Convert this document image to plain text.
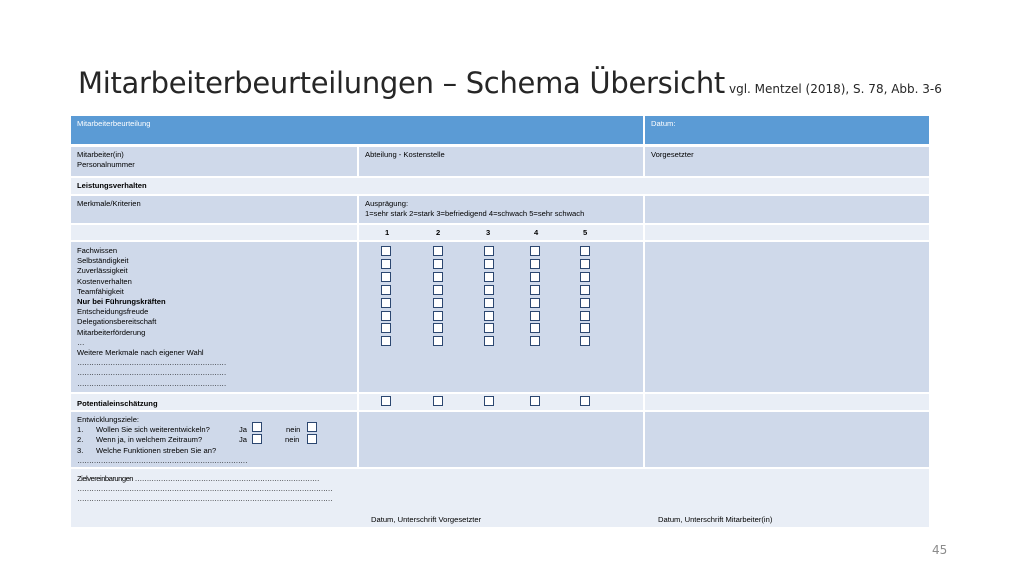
Mitarbeiterbeurteilungen – Schema Übersicht vgl. Mentzel (2018), S. 78, Abb. 3-6
Mitarbeiterbeurteilung	Datum:
Mitarbeiter(in)
Personalnummer
Abteilung - Kostenstelle	Vorgesetzter
Leistungsverhalten
Merkmale/Kriterien	Ausprägung:
1=sehr stark 2=stark 3=befriedigend 4=schwach 5=sehr schwach
1	2	3	4	5
Fachwissen
Selbständigkeit
Zuverlässigkeit
Kostenverhalten
Teamfähigkeit
Nur bei Führungskräften
Entscheidungsfreude
Delegationsbereitschaft
Mitarbeiterförderung
…
Weitere Merkmale nach eigener Wahl
………………………………………………………
………………………………………………………
………………………………………………………
Potentialeinschätzung
Entwicklungsziele:
1. Wollen Sie sich weiterentwickeln?	Ja	nein
2. Wenn ja, in welchem Zeitraum?	Ja	nein
3. Welche Funktionen streben Sie an?
………………………………………………………………
Zielvereinbarungen ……………………………………………………………………
………………………………………………………………………………………………
………………………………………………………………………………………………
Datum, Unterschrift Vorgesetzter	Datum, Unterschrift Mitarbeiter(in)
45
